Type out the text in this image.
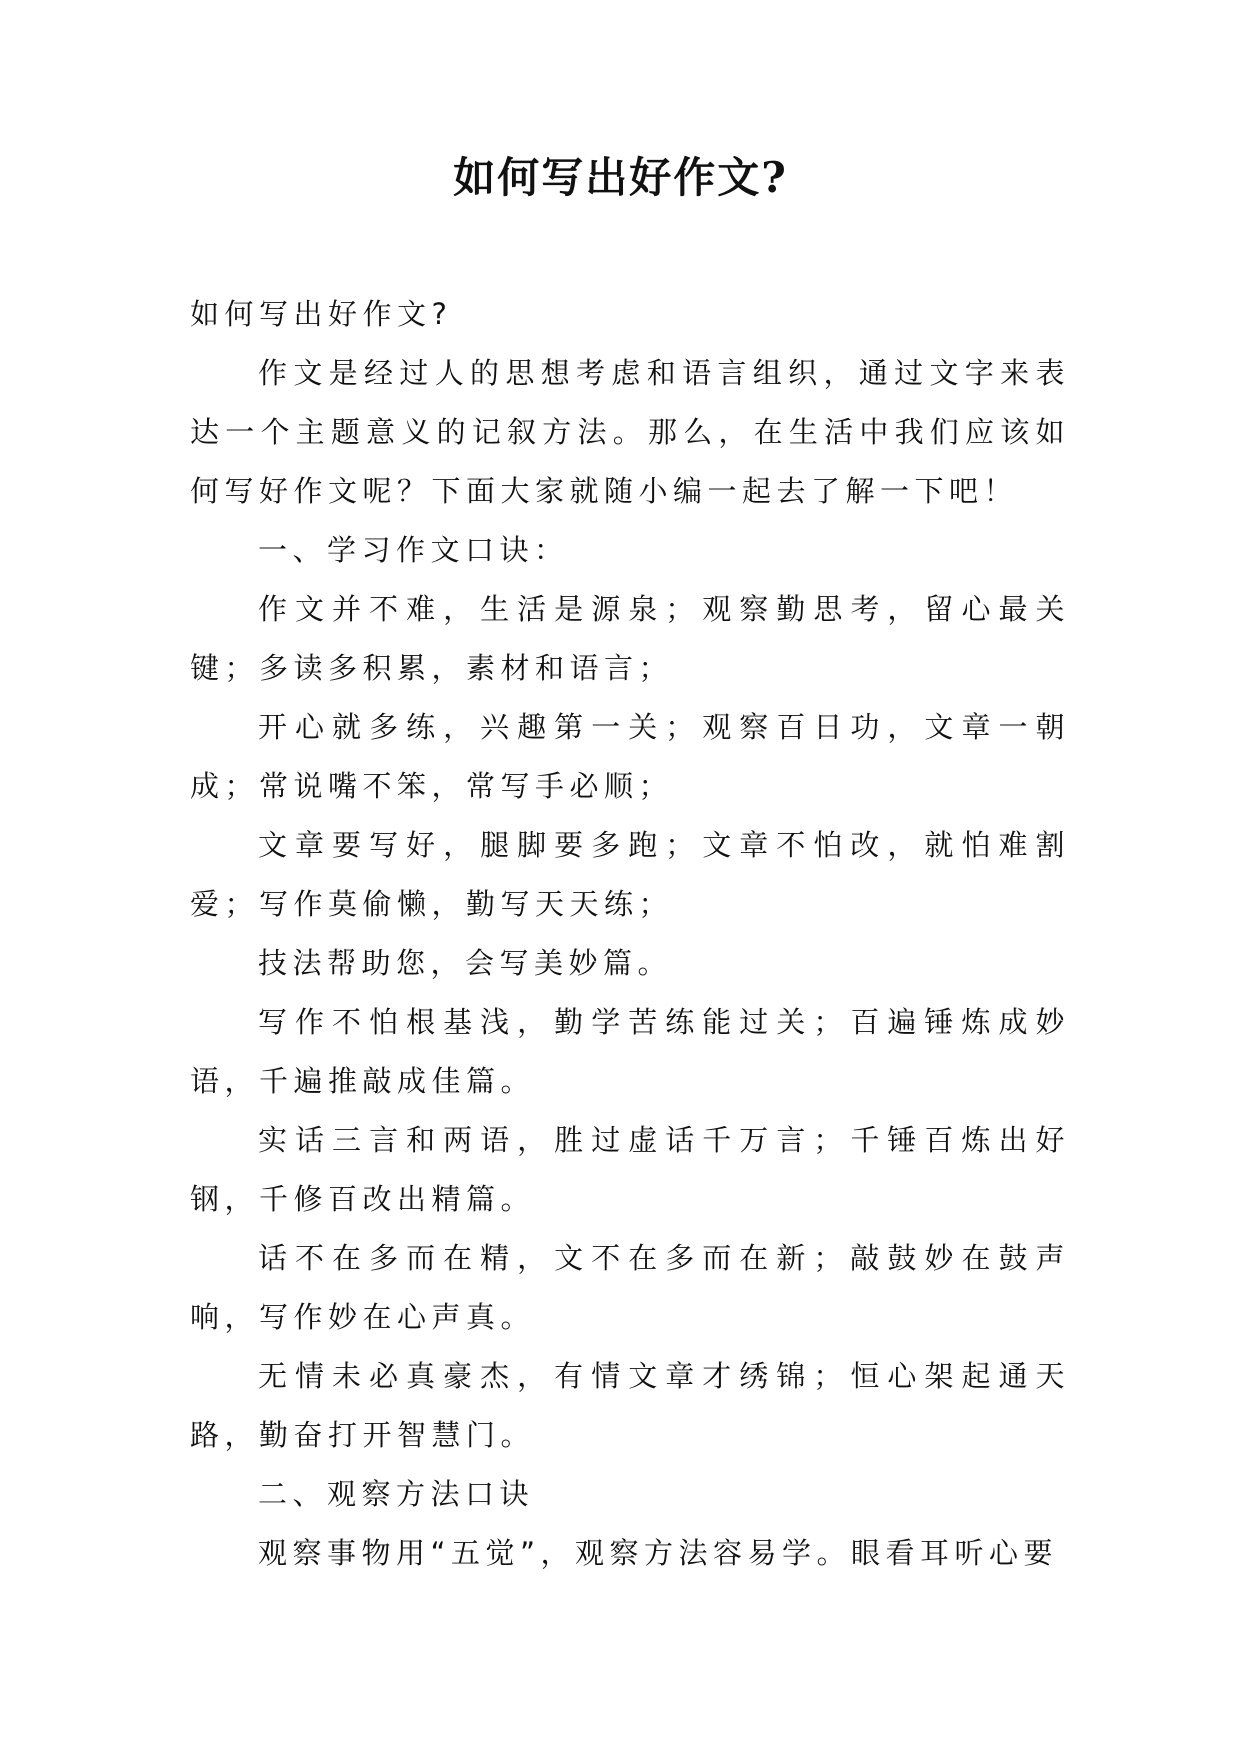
如何写出好作文?

如何写出好作文?

作文是经过人的思想考虑和语言组织，通过文字来表达一个主题意义的记叙方法。那么，在生活中我们应该如何写好作文呢？下面大家就随小编一起去了解一下吧！

一、学习作文口诀：

作文并不难，生活是源泉；观察勤思考，留心最关键；多读多积累，素材和语言；

开心就多练，兴趣第一关；观察百日功，文章一朝成；常说嘴不笨，常写手必顺；

文章要写好，腿脚要多跑；文章不怕改，就怕难割爱；写作莫偷懒，勤写天天练；

技法帮助您，会写美妙篇。

写作不怕根基浅，勤学苦练能过关；百遍锤炼成妙语，千遍推敲成佳篇。

实话三言和两语，胜过虚话千万言；千锤百炼出好钢，千修百改出精篇。

话不在多而在精，文不在多而在新；敲鼓妙在鼓声响，写作妙在心声真。

无情未必真豪杰，有情文章才绣锦；恒心架起通天路，勤奋打开智慧门。

二、观察方法口诀

观察事物用“五觉”，观察方法容易学。眼看耳听心要
